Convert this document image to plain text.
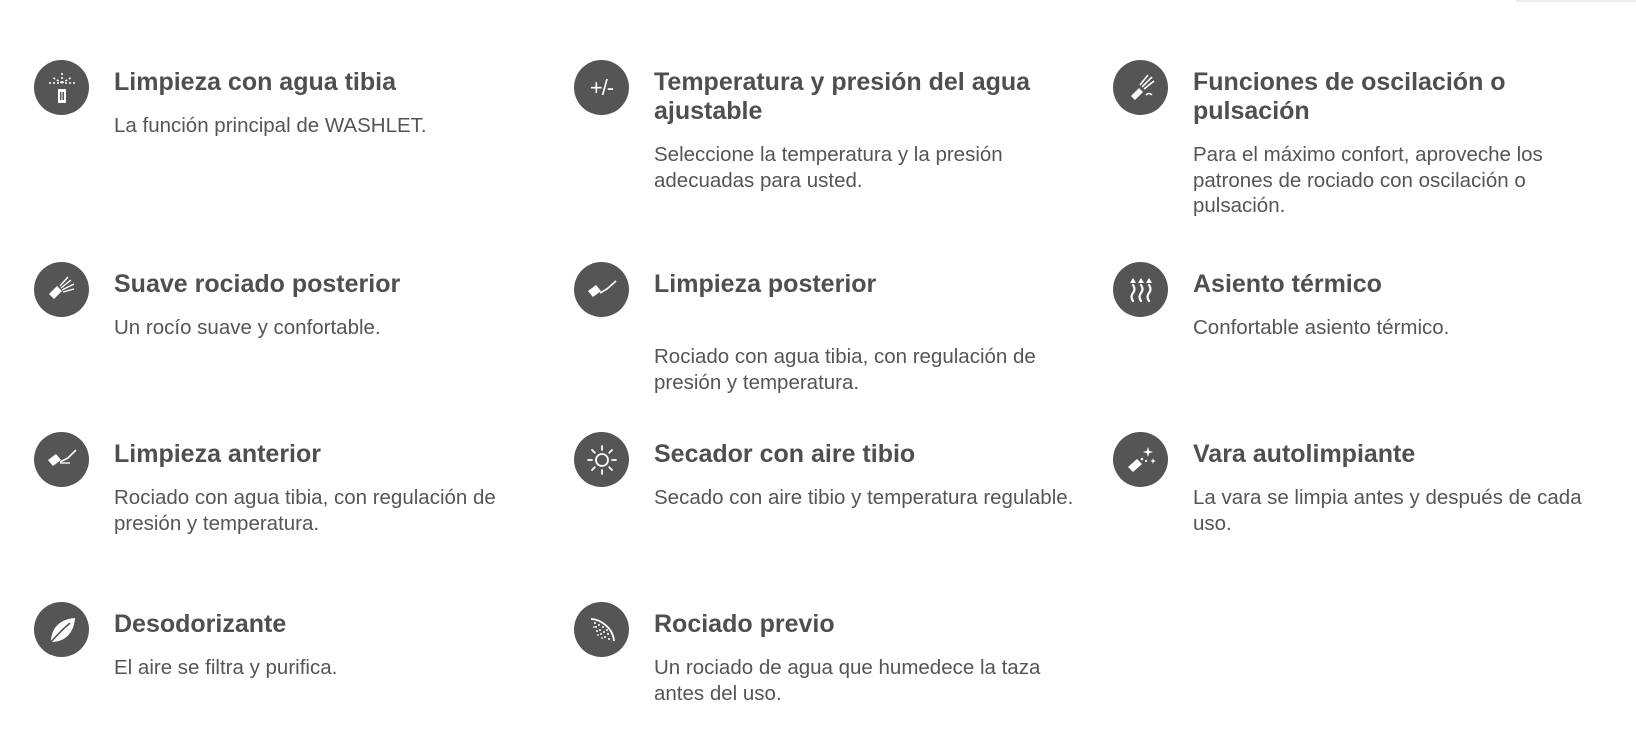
Limpieza con agua tibia

La función principal de WASHLET.

+/- Temperatura y presión del agua ajustable

Seleccione la temperatura y la presión adecuadas para usted.

Funciones de oscilación o pulsación

Para el máximo confort, aproveche los patrones de rociado con oscilación o pulsación.

Suave rociado posterior

Un rocío suave y confortable.

Limpieza posterior

Rociado con agua tibia, con regulación de presión y temperatura.

Asiento térmico

Confortable asiento térmico.

Limpieza anterior

Rociado con agua tibia, con regulación de presión y temperatura.

Secador con aire tibio

Secado con aire tibio y temperatura regulable.

Vara autolimpiante

La vara se limpia antes y después de cada uso.

Desodorizante

El aire se filtra y purifica.

Rociado previo

Un rociado de agua que humedece la taza antes del uso.
